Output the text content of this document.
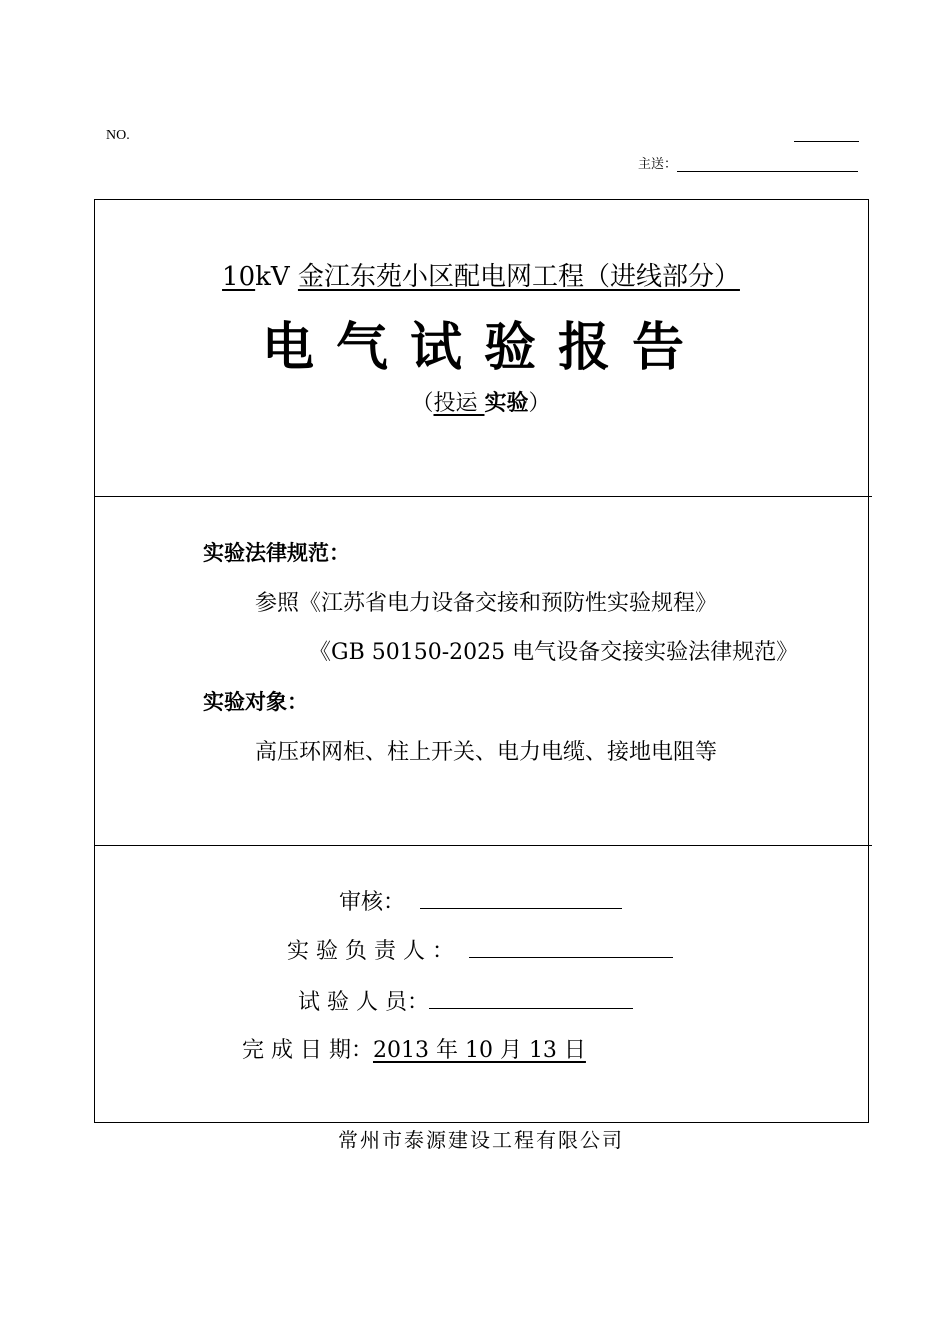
NO.
主送：
10kV 金江东苑小区配电网工程（进线部分）
电气试验报告
（投运 实验）
实验法律规范：
参照《江苏省电力设备交接和预防性实验规程》
《GB 50150-2025 电气设备交接实验法律规范》
实验对象：
高压环网柜、柱上开关、电力电缆、接地电阻等
审核：
实 验 负 责 人 ：
试 验 人 员：
完 成 日 期：2013 年 10 月 13 日
常州市泰源建设工程有限公司
